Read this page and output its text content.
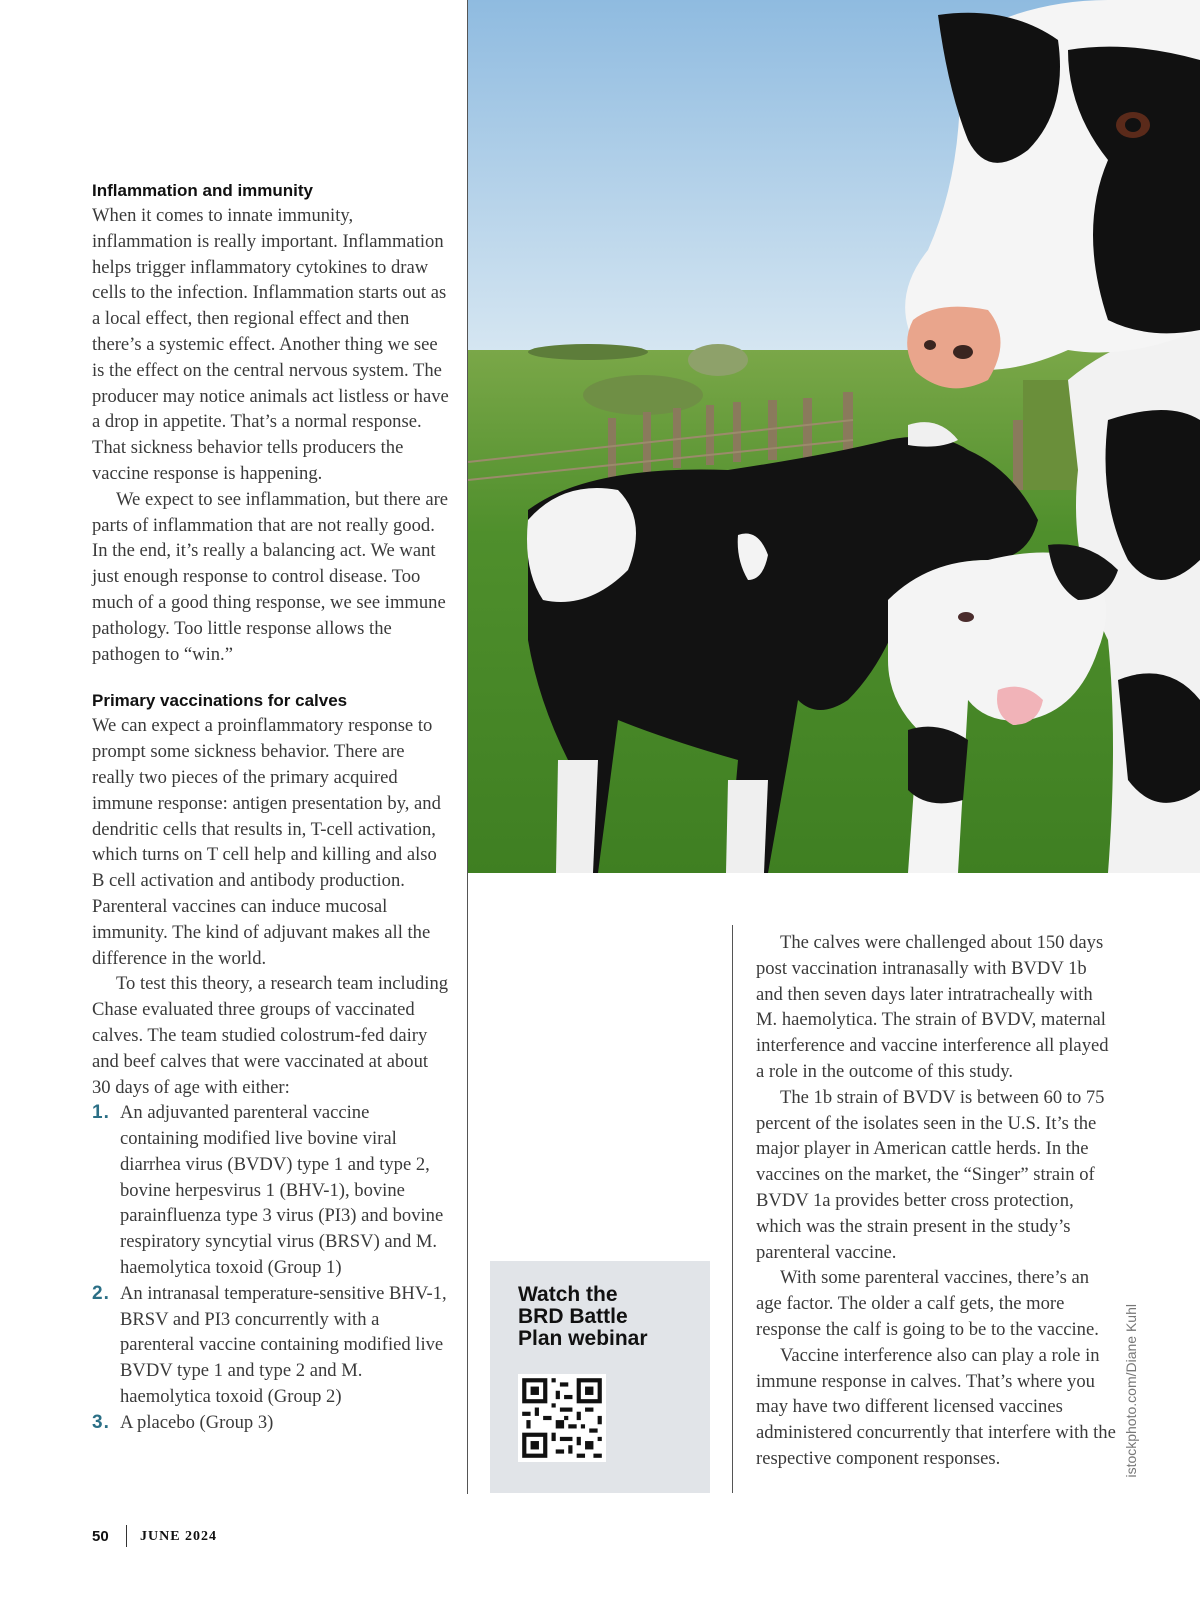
Inflammation and immunity

When it comes to innate immunity, inflammation is really important. Inflammation helps trigger inflammatory cytokines to draw cells to the infection. Inflammation starts out as a local effect, then regional effect and then there’s a systemic effect. Another thing we see is the effect on the central nervous system. The producer may notice animals act listless or have a drop in appetite. That’s a normal response. That sickness behavior tells producers the vaccine response is happening.

We expect to see inflammation, but there are parts of inflammation that are not really good. In the end, it’s really a balancing act. We want just enough response to control disease. Too much of a good thing response, we see immune pathology. Too little response allows the pathogen to “win.”

Primary vaccinations for calves

We can expect a proinflammatory response to prompt some sickness behavior. There are really two pieces of the primary acquired immune response: antigen presentation by, and dendritic cells that results in, T-cell activation, which turns on T cell help and killing and also B cell activation and antibody production. Parenteral vaccines can induce mucosal immunity. The kind of adjuvant makes all the difference in the world.

To test this theory, a research team including Chase evaluated three groups of vaccinated calves. The team studied colostrum-fed dairy and beef calves that were vaccinated at about 30 days of age with either:

1. An adjuvanted parenteral vaccine containing modified live bovine viral diarrhea virus (BVDV) type 1 and type 2, bovine herpesvirus 1 (BHV-1), bovine parainfluenza type 3 virus (PI3) and bovine respiratory syncytial virus (BRSV) and M. haemolytica toxoid (Group 1)
2. An intranasal temperature-sensitive BHV-1, BRSV and PI3 concurrently with a parenteral vaccine containing modified live BVDV type 1 and type 2 and M. haemolytica toxoid (Group 2)
3. A placebo (Group 3)	istockphoto.com/Diane Kuhl
Watch the
BRD Battle
Plan webinar

The calves were challenged about 150 days post vaccination intranasally with BVDV 1b and then seven days later intratracheally with M. haemolytica. The strain of BVDV, maternal interference and vaccine interference all played a role in the outcome of this study.

The 1b strain of BVDV is between 60 to 75 percent of the isolates seen in the U.S. It’s the major player in American cattle herds. In the vaccines on the market, the “Singer” strain of BVDV 1a provides better cross protection, which was the strain present in the study’s parenteral vaccine.

With some parenteral vaccines, there’s an age factor. The older a calf gets, the more response the calf is going to be to the vaccine.

Vaccine interference also can play a role in immune response in calves. That’s where you may have two different licensed vaccines administered concurrently that interfere with the respective component responses.

50 JUNE 2024
